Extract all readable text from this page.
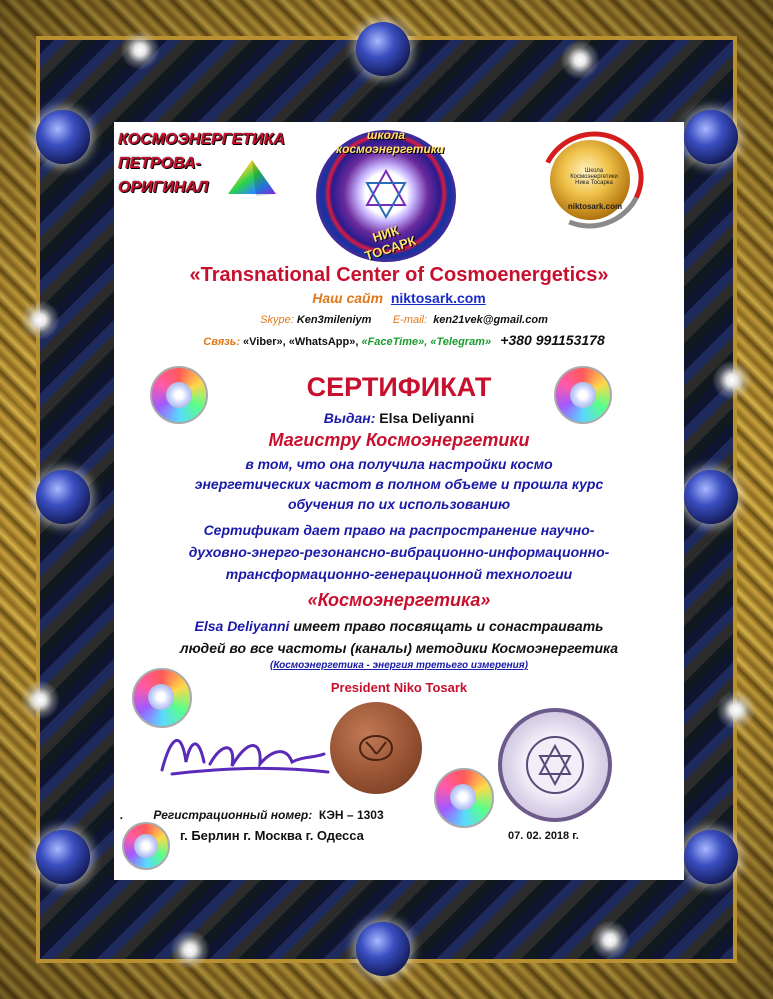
КОСМОЭНЕРГЕТИКА
ПЕТРОВА-
ОРИГИНАЛ
школа космоэнергетики
НИК ТОСАРК
Школа Космоэнергетики Ника Тосарка
niktosark.com
«Transnational Center of Cosmoenergetics»
Наш сайт niktosark.com
Skype: Ken3mileniym E-mail: ken21vek@gmail.com
Связь: «Viber», «WhatsApp», «FaceTime», «Telegram» +380 991153178
СЕРТИФИКАТ
Выдан: Elsa Deliyanni
Магистру Космоэнергетики
в том, что она получила настройки космо
энергетических частот в полном объеме и прошла курс
обучения по их использованию
Сертификат дает право на распространение научно-
духовно-энерго-резонансно-вибрационно-информационно-
трансформационно-генерационной технологии
«Космоэнергетика»
Elsa Deliyanni имеет право посвящать и сонастраивать
людей во все частоты (каналы) методики Космоэнергетика
(Космоэнергетика - энергия третьего измерения)
President Niko Tosark
.	Регистрационный номер: КЭН – 1303
г. Берлин г. Москва г. Одесса	07. 02. 2018 г.
